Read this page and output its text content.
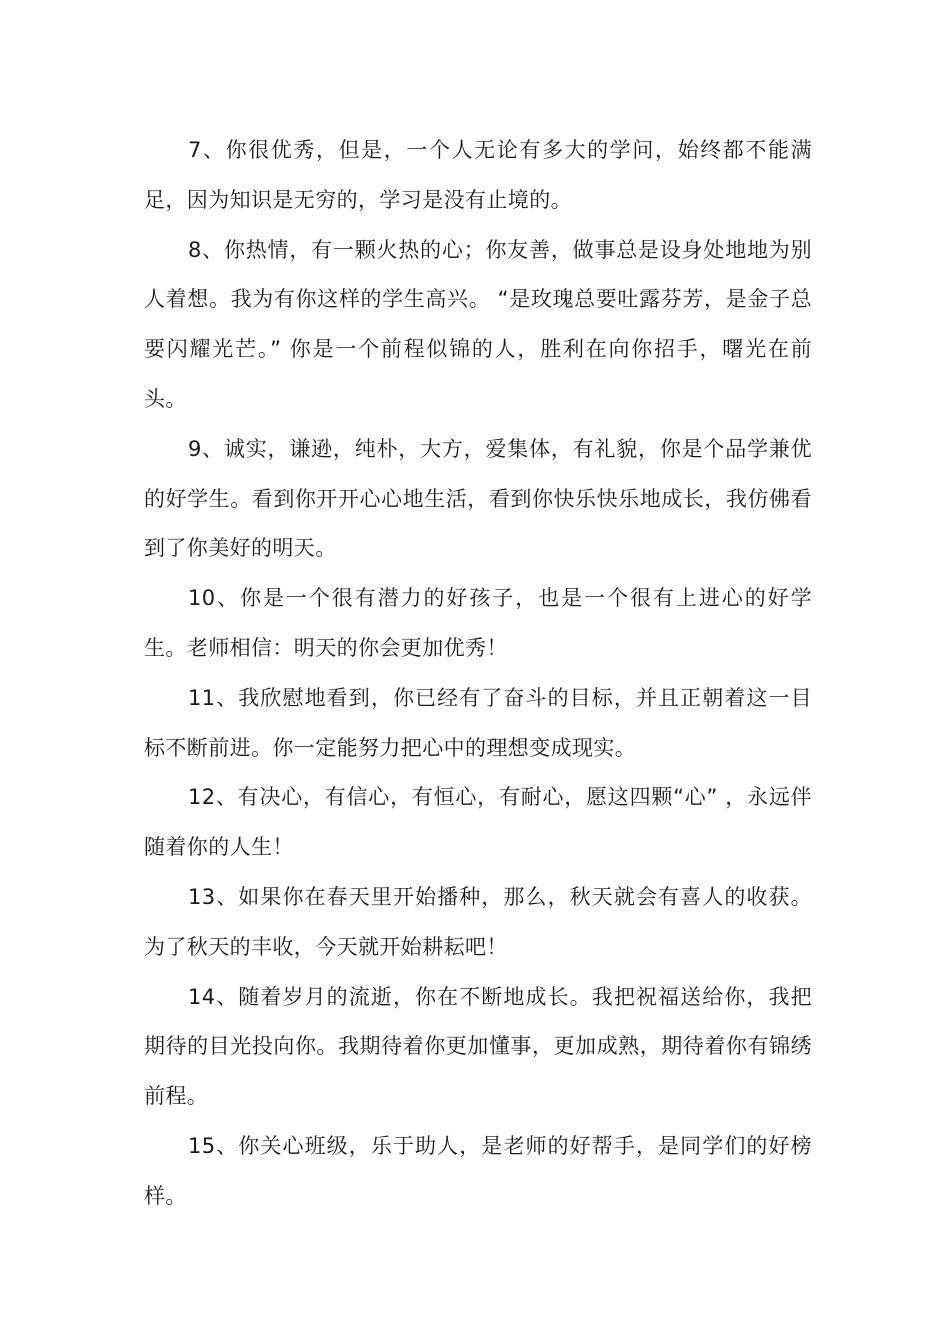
7、你很优秀，但是，一个人无论有多大的学问，始终都不能满足，因为知识是无穷的，学习是没有止境的。

8、你热情，有一颗火热的心；你友善，做事总是设身处地地为别人着想。我为有你这样的学生高兴。 “是玫瑰总要吐露芬芳，是金子总要闪耀光芒。” 你是一个前程似锦的人，胜利在向你招手，曙光在前头。

9、诚实，谦逊，纯朴，大方，爱集体，有礼貌，你是个品学兼优的好学生。看到你开开心心地生活，看到你快乐快乐地成长，我仿佛看到了你美好的明天。

10、你是一个很有潜力的好孩子，也是一个很有上进心的好学生。老师相信：明天的你会更加优秀！

11、我欣慰地看到，你已经有了奋斗的目标，并且正朝着这一目标不断前进。你一定能努力把心中的理想变成现实。

12、有决心，有信心，有恒心，有耐心，愿这四颗“心” ，永远伴随着你的人生！

13、如果你在春天里开始播种，那么，秋天就会有喜人的收获。为了秋天的丰收，今天就开始耕耘吧！

14、随着岁月的流逝，你在不断地成长。我把祝福送给你，我把期待的目光投向你。我期待着你更加懂事，更加成熟，期待着你有锦绣前程。

15、你关心班级，乐于助人，是老师的好帮手，是同学们的好榜样。
